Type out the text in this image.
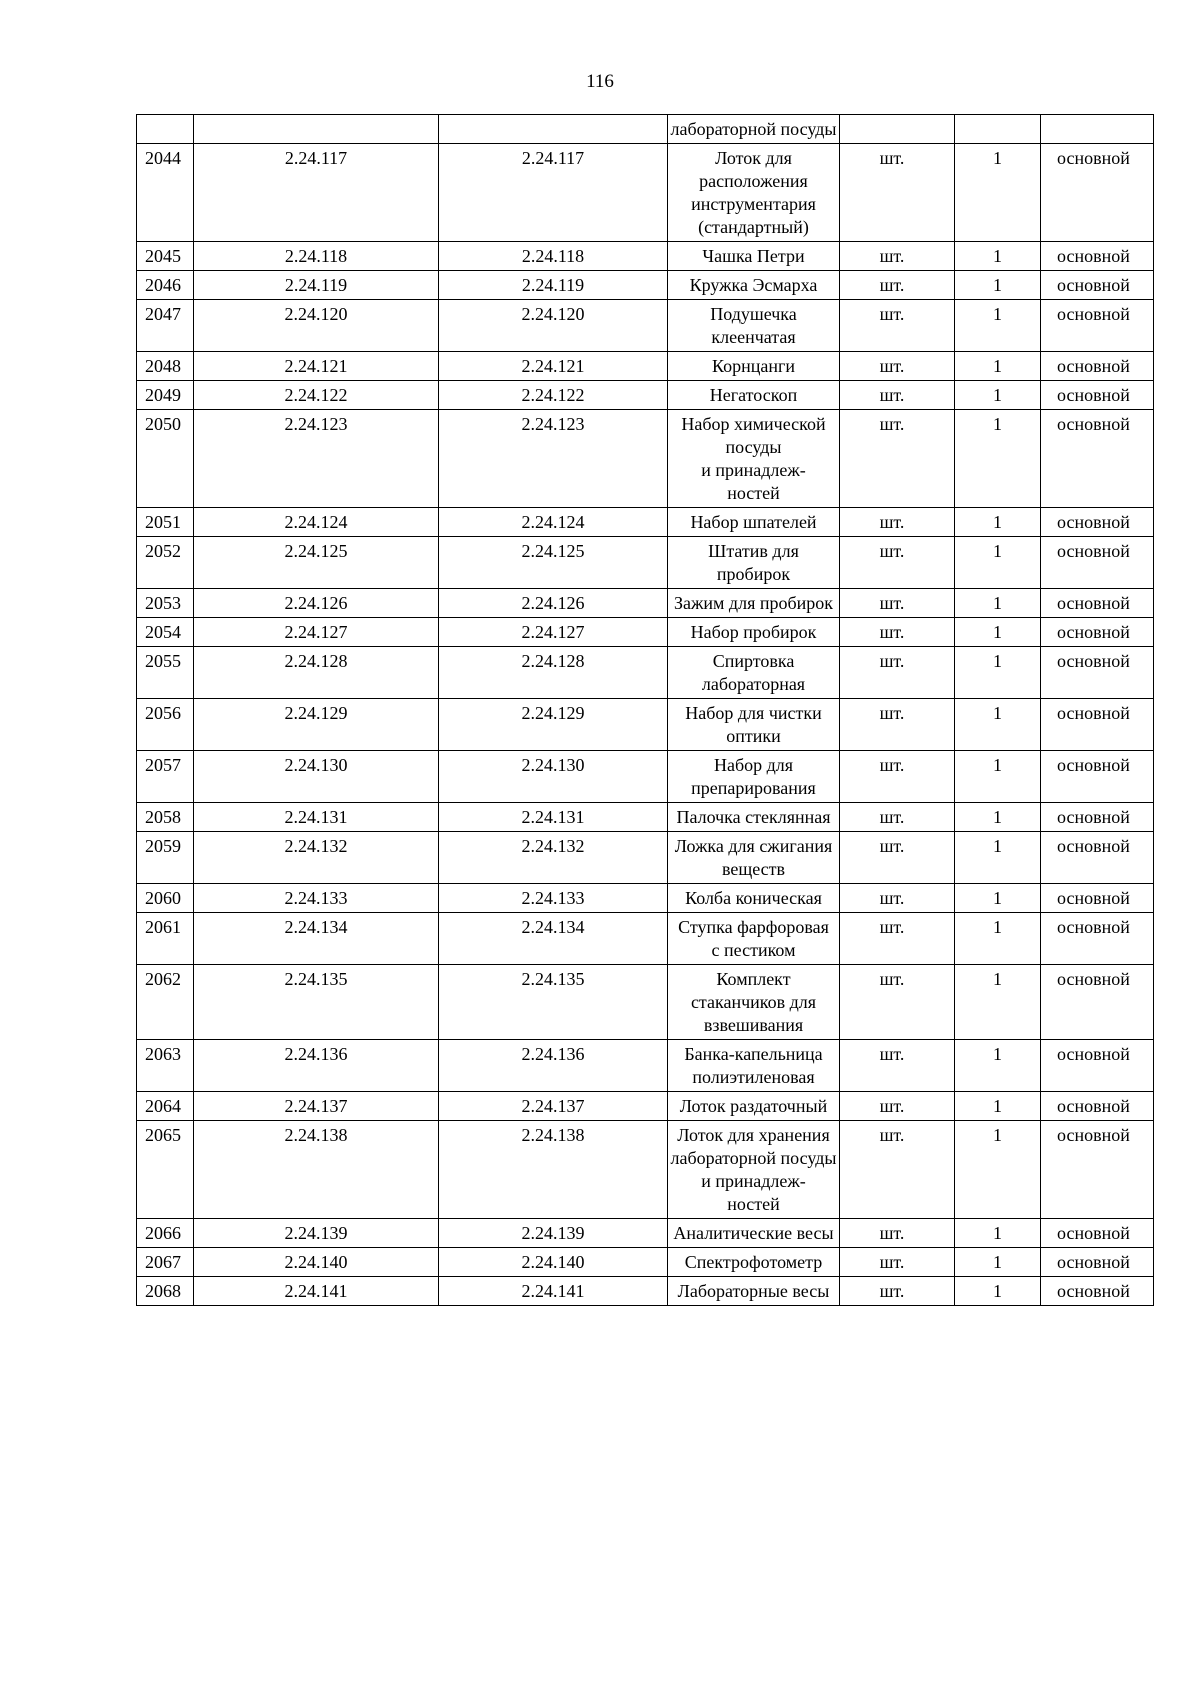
116
			лабораторной посуды			
2044	2.24.117	2.24.117	Лоток для расположения инструментария (стандартный)	шт.	1	основной
2045	2.24.118	2.24.118	Чашка Петри	шт.	1	основной
2046	2.24.119	2.24.119	Кружка Эсмарха	шт.	1	основной
2047	2.24.120	2.24.120	Подушечка клеенчатая	шт.	1	основной
2048	2.24.121	2.24.121	Корнцанги	шт.	1	основной
2049	2.24.122	2.24.122	Негатоскоп	шт.	1	основной
2050	2.24.123	2.24.123	Набор химической посуды
и принадлеж-
ностей	шт.	1	основной
2051	2.24.124	2.24.124	Набор шпателей	шт.	1	основной
2052	2.24.125	2.24.125	Штатив для пробирок	шт.	1	основной
2053	2.24.126	2.24.126	Зажим для пробирок	шт.	1	основной
2054	2.24.127	2.24.127	Набор пробирок	шт.	1	основной
2055	2.24.128	2.24.128	Спиртовка лабораторная	шт.	1	основной
2056	2.24.129	2.24.129	Набор для чистки оптики	шт.	1	основной
2057	2.24.130	2.24.130	Набор для препарирования	шт.	1	основной
2058	2.24.131	2.24.131	Палочка стеклянная	шт.	1	основной
2059	2.24.132	2.24.132	Ложка для сжигания веществ	шт.	1	основной
2060	2.24.133	2.24.133	Колба коническая	шт.	1	основной
2061	2.24.134	2.24.134	Ступка фарфоровая
с пестиком	шт.	1	основной
2062	2.24.135	2.24.135	Комплект стаканчиков для взвешивания	шт.	1	основной
2063	2.24.136	2.24.136	Банка-капельница полиэтиленовая	шт.	1	основной
2064	2.24.137	2.24.137	Лоток раздаточный	шт.	1	основной
2065	2.24.138	2.24.138	Лоток для хранения лабораторной посуды
и принадлеж-
ностей	шт.	1	основной
2066	2.24.139	2.24.139	Аналитические весы	шт.	1	основной
2067	2.24.140	2.24.140	Спектрофотометр	шт.	1	основной
2068	2.24.141	2.24.141	Лабораторные весы	шт.	1	основной
